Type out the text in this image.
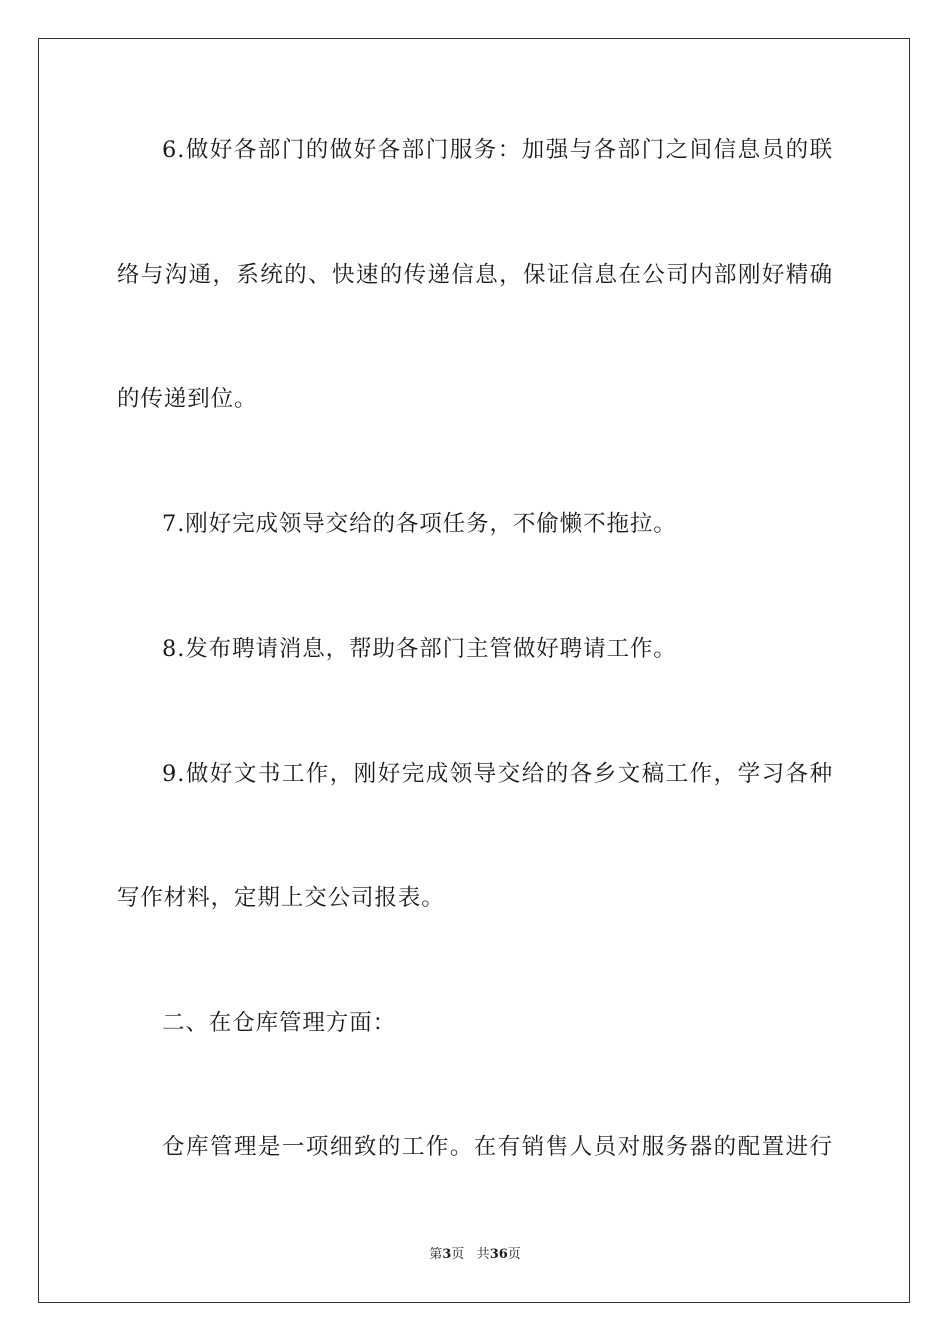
6.做好各部门的做好各部门服务：加强与各部门之间信息员的联
络与沟通，系统的、快速的传递信息，保证信息在公司内部刚好精确
的传递到位。
7.刚好完成领导交给的各项任务，不偷懒不拖拉。
8.发布聘请消息，帮助各部门主管做好聘请工作。
9.做好文书工作，刚好完成领导交给的各乡文稿工作，学习各种
写作材料，定期上交公司报表。
二、在仓库管理方面：
仓库管理是一项细致的工作。在有销售人员对服务器的配置进行
第3页 共36页
